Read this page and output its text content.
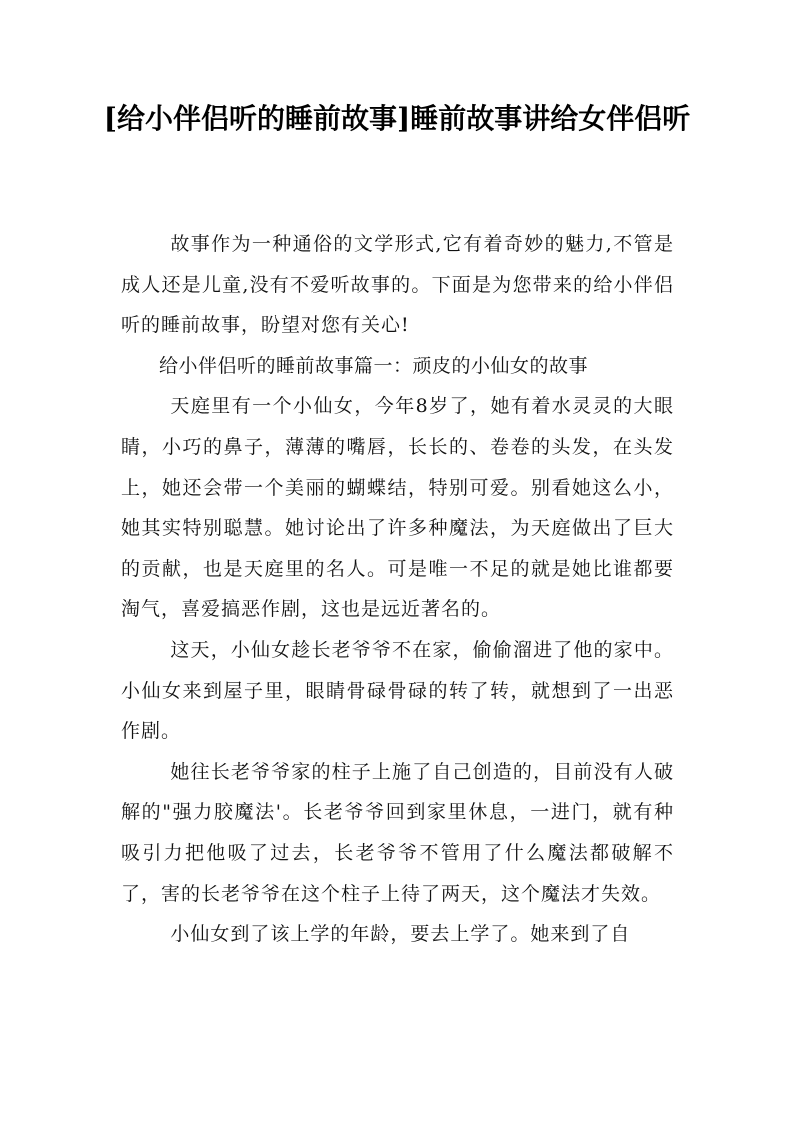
[给小伴侣听的睡前故事]睡前故事讲给女伴侣听

故事作为一种通俗的文学形式,它有着奇妙的魅力,不管是成人还是儿童,没有不爱听故事的。下面是为您带来的给小伴侣听的睡前故事，盼望对您有关心!

给小伴侣听的睡前故事篇一：顽皮的小仙女的故事

天庭里有一个小仙女，今年8岁了，她有着水灵灵的大眼睛，小巧的鼻子，薄薄的嘴唇，长长的、卷卷的头发，在头发上，她还会带一个美丽的蝴蝶结，特别可爱。别看她这么小，她其实特别聪慧。她讨论出了许多种魔法，为天庭做出了巨大的贡献，也是天庭里的名人。可是唯一不足的就是她比谁都要淘气，喜爱搞恶作剧，这也是远近著名的。

这天，小仙女趁长老爷爷不在家，偷偷溜进了他的家中。小仙女来到屋子里，眼睛骨碌骨碌的转了转，就想到了一出恶作剧。

她往长老爷爷家的柱子上施了自己创造的，目前没有人破解的"强力胶魔法'。长老爷爷回到家里休息，一进门，就有种吸引力把他吸了过去，长老爷爷不管用了什么魔法都破解不了，害的长老爷爷在这个柱子上待了两天，这个魔法才失效。

小仙女到了该上学的年龄，要去上学了。她来到了自
